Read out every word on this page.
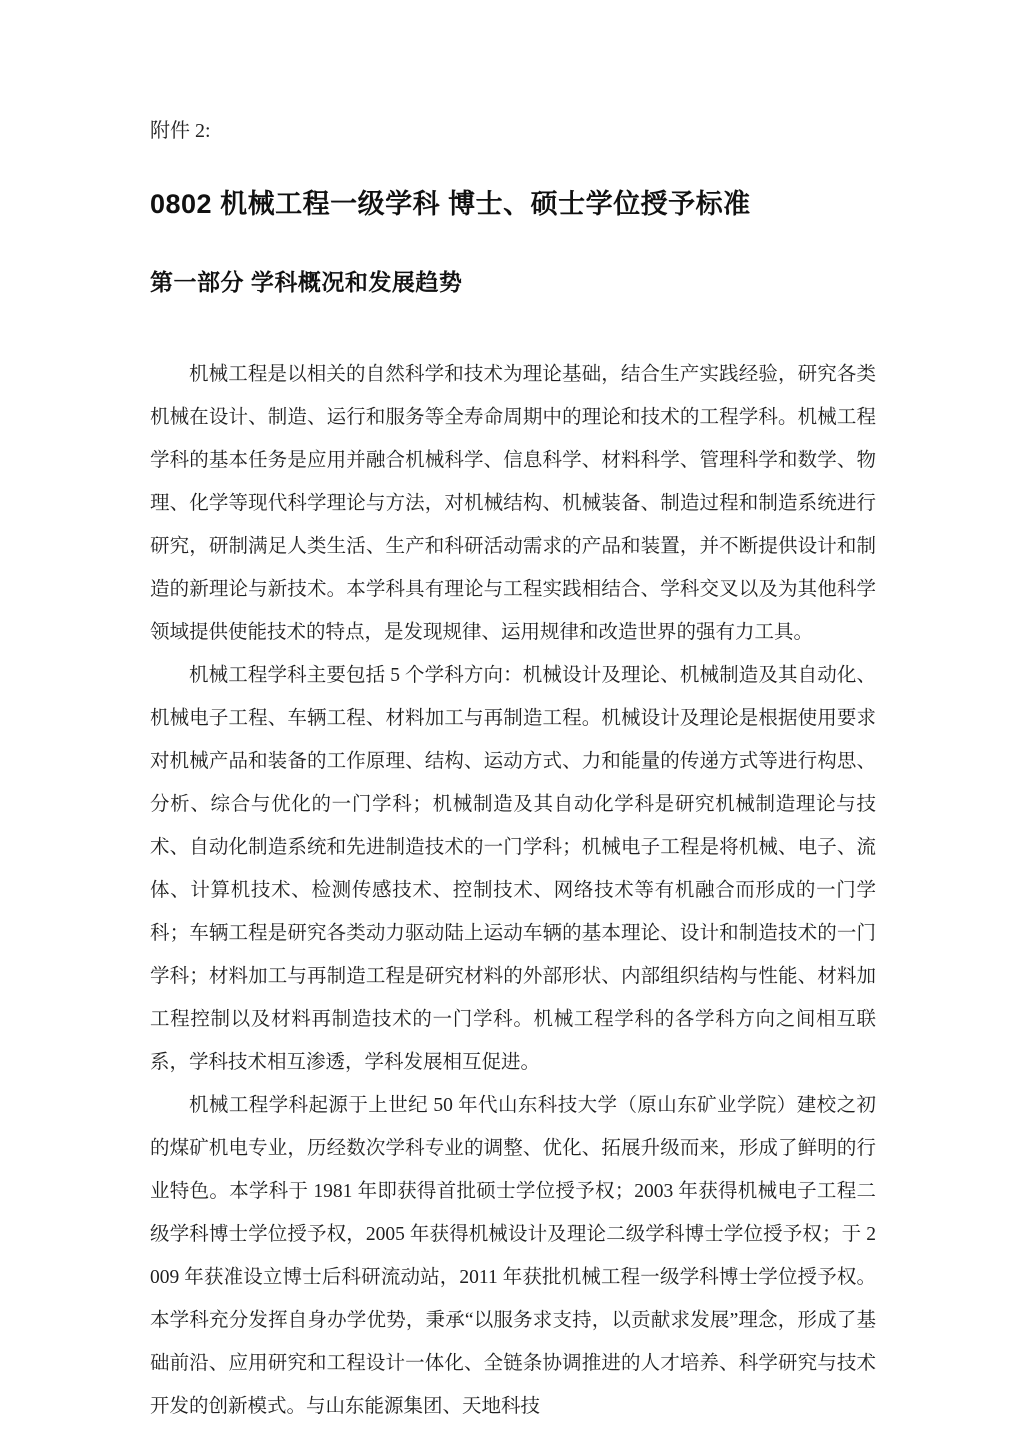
附件 2:
0802 机械工程一级学科 博士、硕士学位授予标准
第一部分 学科概况和发展趋势

机械工程是以相关的自然科学和技术为理论基础，结合生产实践经验，研究各类机械在设计、制造、运行和服务等全寿命周期中的理论和技术的工程学科。机械工程学科的基本任务是应用并融合机械科学、信息科学、材料科学、管理科学和数学、物理、化学等现代科学理论与方法，对机械结构、机械装备、制造过程和制造系统进行研究，研制满足人类生活、生产和科研活动需求的产品和装置，并不断提供设计和制造的新理论与新技术。本学科具有理论与工程实践相结合、学科交叉以及为其他科学领域提供使能技术的特点，是发现规律、运用规律和改造世界的强有力工具。

机械工程学科主要包括 5 个学科方向：机械设计及理论、机械制造及其自动化、机械电子工程、车辆工程、材料加工与再制造工程。机械设计及理论是根据使用要求对机械产品和装备的工作原理、结构、运动方式、力和能量的传递方式等进行构思、分析、综合与优化的一门学科；机械制造及其自动化学科是研究机械制造理论与技术、自动化制造系统和先进制造技术的一门学科；机械电子工程是将机械、电子、流体、计算机技术、检测传感技术、控制技术、网络技术等有机融合而形成的一门学科；车辆工程是研究各类动力驱动陆上运动车辆的基本理论、设计和制造技术的一门学科；材料加工与再制造工程是研究材料的外部形状、内部组织结构与性能、材料加工程控制以及材料再制造技术的一门学科。机械工程学科的各学科方向之间相互联系，学科技术相互渗透，学科发展相互促进。

机械工程学科起源于上世纪 50 年代山东科技大学（原山东矿业学院）建校之初的煤矿机电专业，历经数次学科专业的调整、优化、拓展升级而来，形成了鲜明的行业特色。本学科于 1981 年即获得首批硕士学位授予权；2003 年获得机械电子工程二级学科博士学位授予权，2005 年获得机械设计及理论二级学科博士学位授予权；于 2009 年获准设立博士后科研流动站，2011 年获批机械工程一级学科博士学位授予权。本学科充分发挥自身办学优势，秉承“以服务求支持，以贡献求发展”理念，形成了基础前沿、应用研究和工程设计一体化、全链条协调推进的人才培养、科学研究与技术开发的创新模式。与山东能源集团、天地科技
